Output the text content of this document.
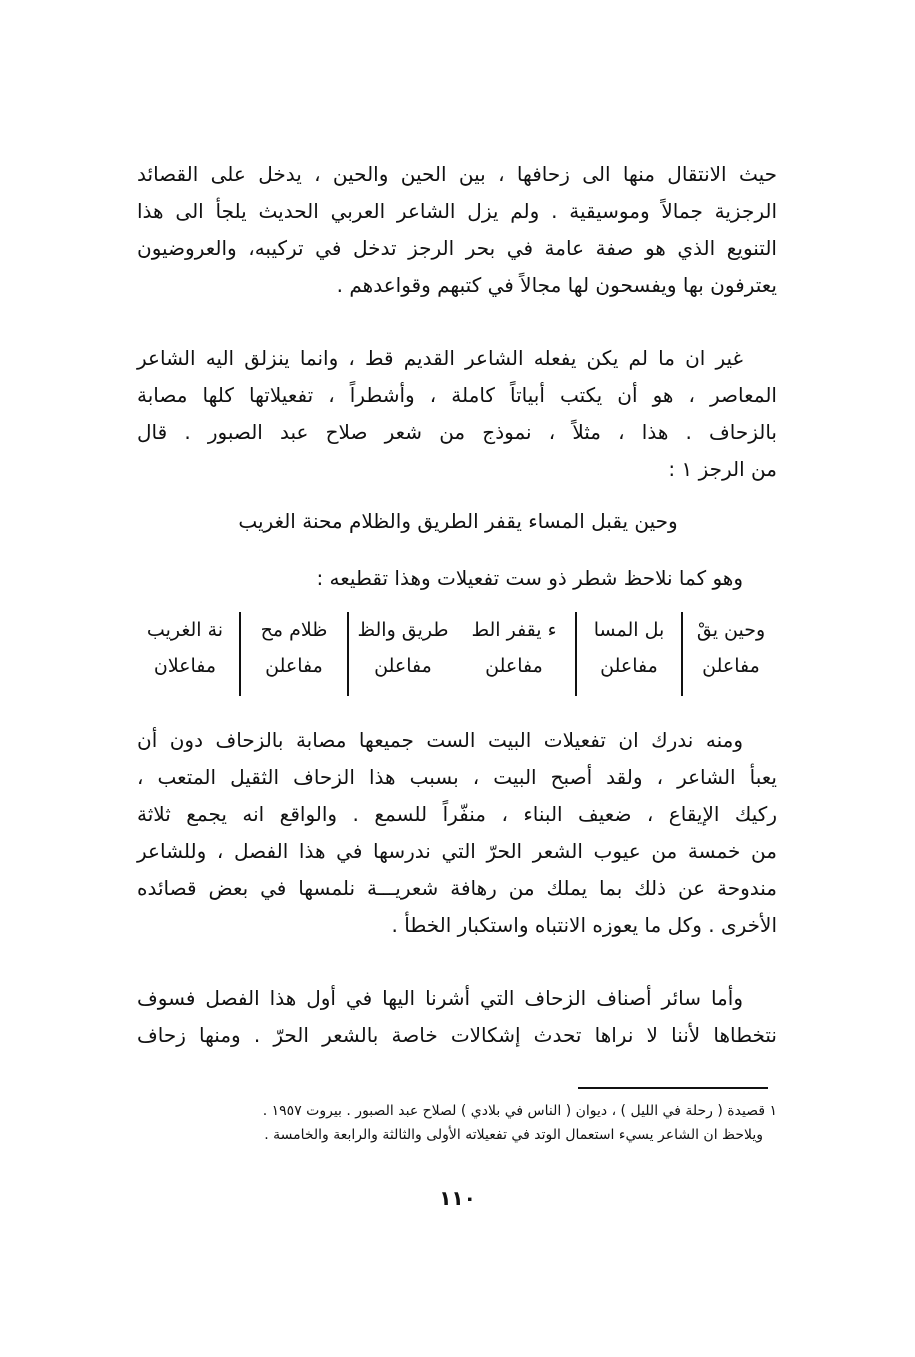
حيث الانتقال منها الى زحافها ، بين الحين والحين ، يدخل على القصائد
الرجزية جمالاً وموسيقية . ولم يزل الشاعر العربي الحديث يلجأ الى هذا
التنويع الذي هو صفة عامة في بحر الرجز تدخل في تركيبه، والعروضيون
يعترفون بها ويفسحون لها مجالاً في كتبهم وقواعدهم .
غير ان ما لم يكن يفعله الشاعر القديم قط ، وانما ينزلق اليه الشاعر
المعاصر ، هو أن يكتب أبياتاً كاملة ، وأشطراً ، تفعيلاتها كلها مصابة
بالزحاف . هذا ، مثلاً ، نموذج من شعر صلاح عبد الصبور . قال
من الرجز ١ :
وحين يقبل المساء يقفر الطريق والظلام محنة الغريب
وهو كما نلاحظ شطر ذو ست تفعيلات وهذا تقطيعه :
وحين يقْ
مفاعلن
بل المسا
مفاعلن
ء يقفر الط
مفاعلن
طريق والظ
مفاعلن
ظلام مح
مفاعلن
نة الغريب
مفاعلان
ومنه ندرك ان تفعيلات البيت الست جميعها مصابة بالزحاف دون أن
يعبأ الشاعر ، ولقد أصبح البيت ، بسبب هذا الزحاف الثقيل المتعب ،
ركيك الإيقاع ، ضعيف البناء ، منفّراً للسمع . والواقع انه يجمع ثلاثة
من خمسة من عيوب الشعر الحرّ التي ندرسها في هذا الفصل ، وللشاعر
مندوحة عن ذلك بما يملك من رهافة شعريـــة نلمسها في بعض قصائده
الأخرى . وكل ما يعوزه الانتباه واستكبار الخطأ .
وأما سائر أصناف الزحاف التي أشرنا اليها في أول هذا الفصل فسوف
نتخطاها لأننا لا نراها تحدث إشكالات خاصة بالشعر الحرّ . ومنها زحاف
١ قصيدة ( رحلة في الليل ) ، ديوان ( الناس في بلادي ) لصلاح عبد الصبور . بيروت ١٩٥٧ .
ويلاحظ ان الشاعر يسيء استعمال الوتد في تفعيلاته الأولى والثالثة والرابعة والخامسة .
١١٠
